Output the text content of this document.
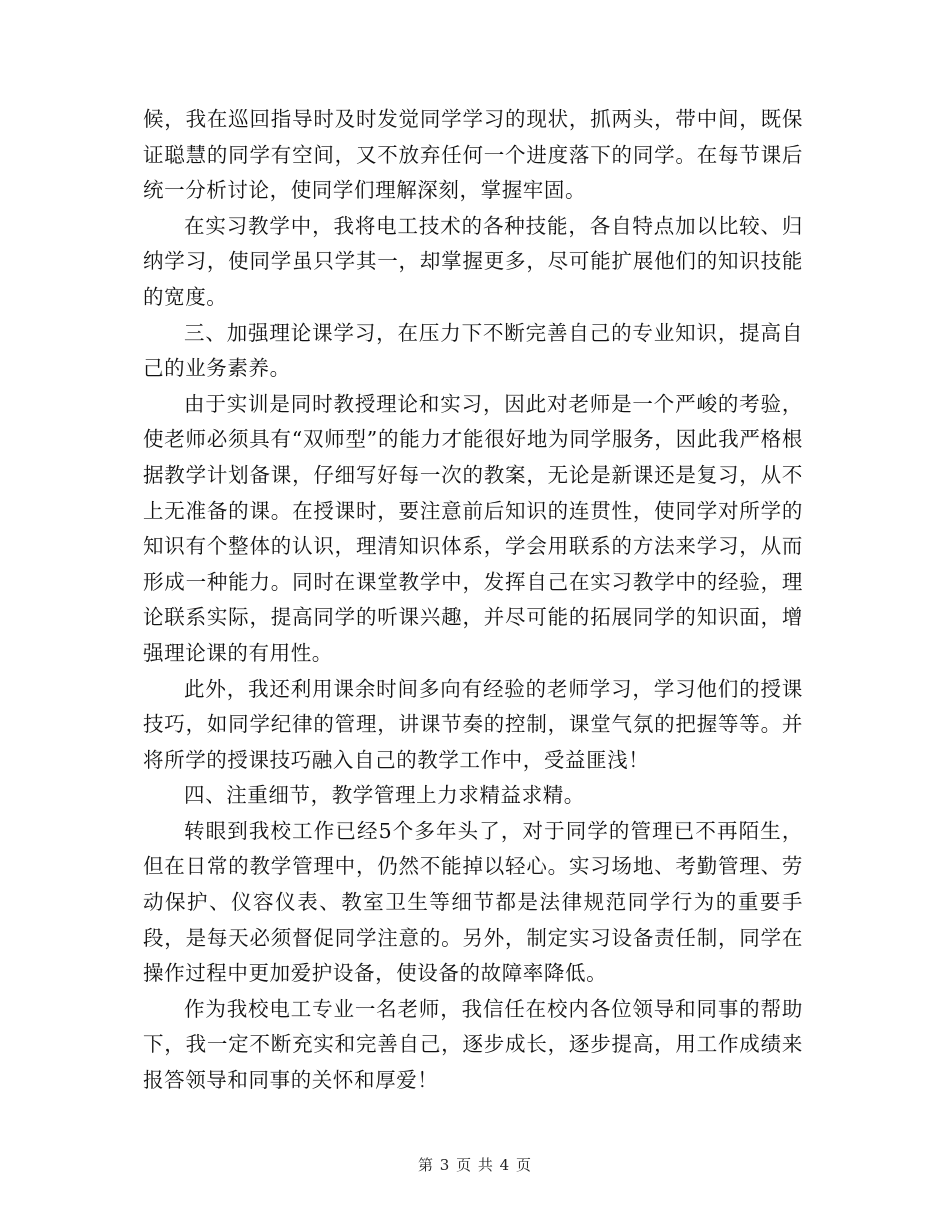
候，我在巡回指导时及时发觉同学学习的现状，抓两头，带中间，既保证聪慧的同学有空间，又不放弃任何一个进度落下的同学。在每节课后统一分析讨论，使同学们理解深刻，掌握牢固。

在实习教学中，我将电工技术的各种技能，各自特点加以比较、归纳学习，使同学虽只学其一，却掌握更多，尽可能扩展他们的知识技能的宽度。

三、加强理论课学习，在压力下不断完善自己的专业知识，提高自己的业务素养。

由于实训是同时教授理论和实习，因此对老师是一个严峻的考验，使老师必须具有“双师型”的能力才能很好地为同学服务，因此我严格根据教学计划备课，仔细写好每一次的教案，无论是新课还是复习，从不上无准备的课。在授课时，要注意前后知识的连贯性，使同学对所学的知识有个整体的认识，理清知识体系，学会用联系的方法来学习，从而形成一种能力。同时在课堂教学中，发挥自己在实习教学中的经验，理论联系实际，提高同学的听课兴趣，并尽可能的拓展同学的知识面，增强理论课的有用性。

此外，我还利用课余时间多向有经验的老师学习，学习他们的授课技巧，如同学纪律的管理，讲课节奏的控制，课堂气氛的把握等等。并将所学的授课技巧融入自己的教学工作中，受益匪浅！

四、注重细节，教学管理上力求精益求精。

转眼到我校工作已经5个多年头了，对于同学的管理已不再陌生，但在日常的教学管理中，仍然不能掉以轻心。实习场地、考勤管理、劳动保护、仪容仪表、教室卫生等细节都是法律规范同学行为的重要手段，是每天必须督促同学注意的。另外，制定实习设备责任制，同学在操作过程中更加爱护设备，使设备的故障率降低。

作为我校电工专业一名老师，我信任在校内各位领导和同事的帮助下，我一定不断充实和完善自己，逐步成长，逐步提高，用工作成绩来报答领导和同事的关怀和厚爱！

第 3 页 共 4 页
